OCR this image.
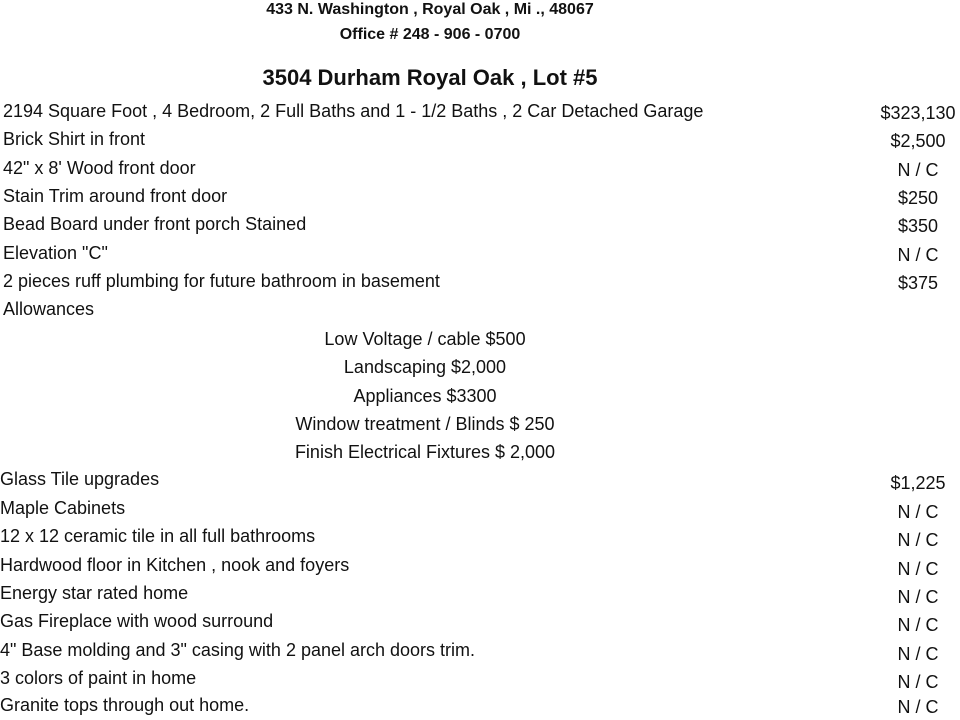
433 N. Washington , Royal Oak , Mi ., 48067
Office # 248 - 906 - 0700
3504 Durham Royal Oak , Lot #5
2194 Square Foot , 4 Bedroom, 2 Full Baths and 1 - 1/2 Baths , 2 Car Detached Garage	$323,130
Brick Shirt in front	$2,500
42" x 8' Wood front door	N / C
Stain Trim around front door	$250
Bead Board under front porch Stained	$350
Elevation "C"	N / C
2 pieces ruff plumbing for future bathroom in basement	$375
Allowances
Low Voltage / cable $500
Landscaping $2,000
Appliances $3300
Window treatment / Blinds $ 250
Finish Electrical Fixtures $ 2,000
Glass Tile upgrades	$1,225
Maple Cabinets	N / C
12 x 12 ceramic tile in all full bathrooms	N / C
Hardwood floor in Kitchen , nook and foyers	N / C
Energy star rated home	N / C
Gas Fireplace with wood surround	N / C
4" Base molding and 3" casing with 2 panel arch doors trim.	N / C
3 colors of paint in home	N / C
Granite tops through out home.	N / C
